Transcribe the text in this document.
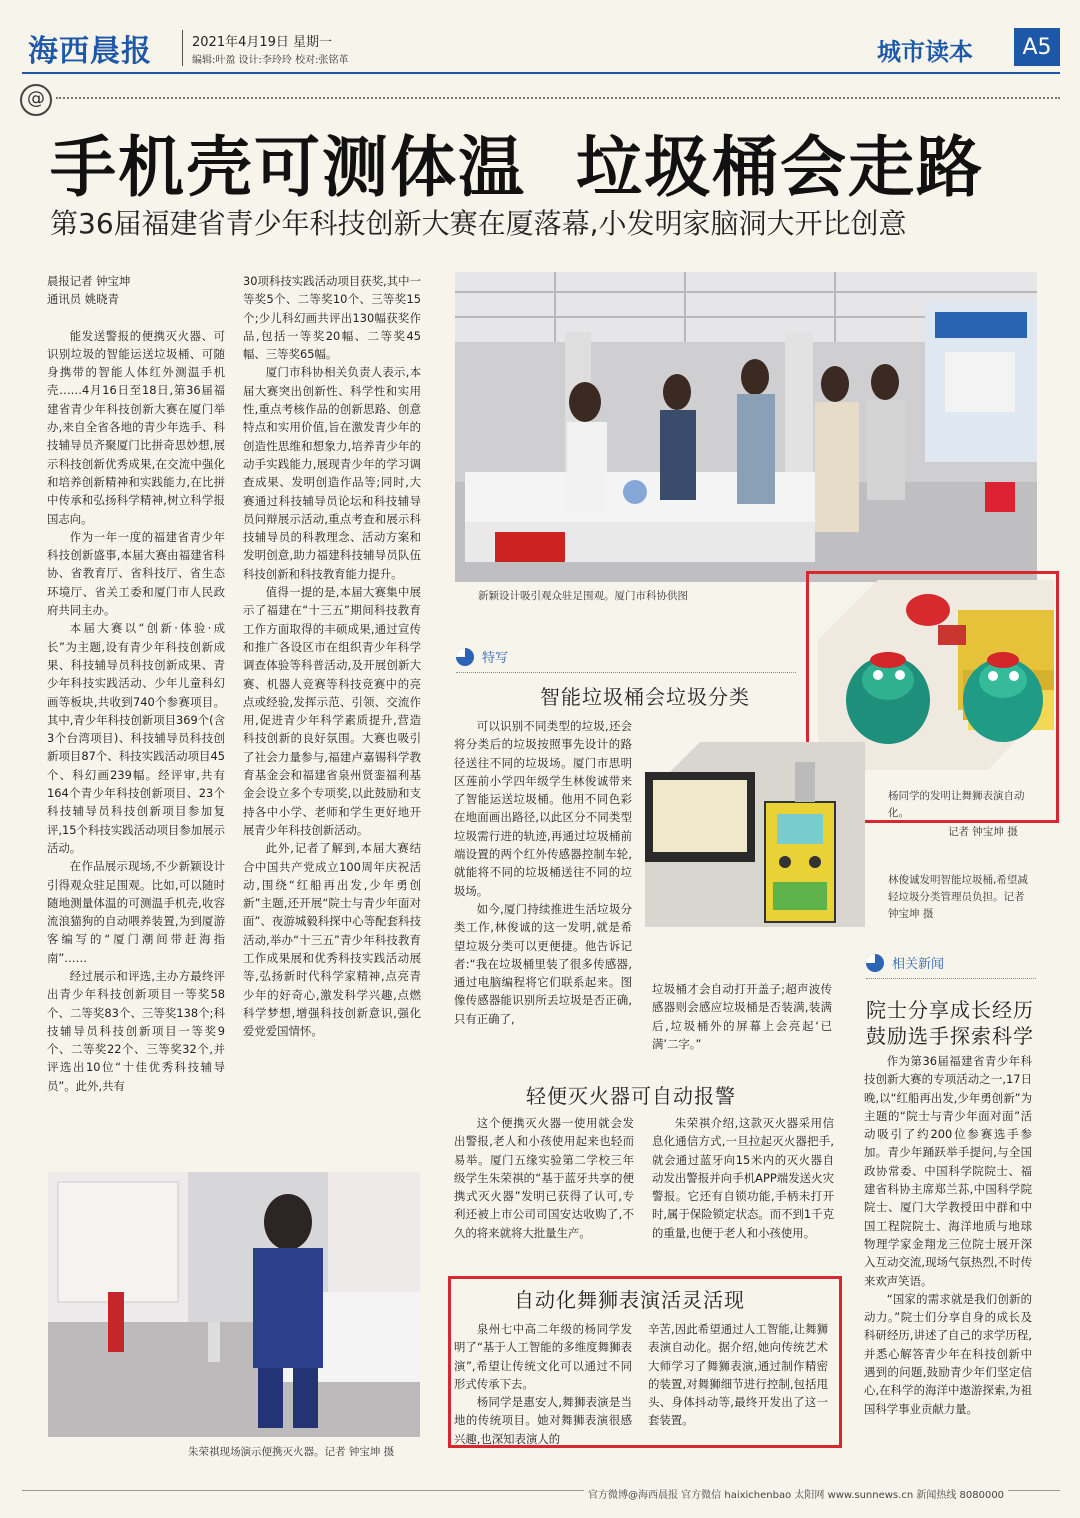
海西晨报	2021年4月19日 星期一
编辑:叶盈 设计:李玲玲 校对:张铭革	城市读本	A5
@
手机壳可测体温  垃圾桶会走路
第36届福建省青少年科技创新大赛在厦落幕,小发明家脑洞大开比创意

晨报记者 钟宝坤

通讯员 姚晓青

能发送警报的便携灭火器、可识别垃圾的智能运送垃圾桶、可随身携带的智能人体红外测温手机壳……4月16日至18日,第36届福建省青少年科技创新大赛在厦门举办,来自全省各地的青少年选手、科技辅导员齐聚厦门比拼奇思妙想,展示科技创新优秀成果,在交流中强化和培养创新精神和实践能力,在比拼中传承和弘扬科学精神,树立科学报国志向。

作为一年一度的福建省青少年科技创新盛事,本届大赛由福建省科协、省教育厅、省科技厅、省生态环境厅、省关工委和厦门市人民政府共同主办。

本届大赛以“创新·体验·成长”为主题,设有青少年科技创新成果、科技辅导员科技创新成果、青少年科技实践活动、少年儿童科幻画等板块,共收到740个参赛项目。其中,青少年科技创新项目369个(含3个台湾项目)、科技辅导员科技创新项目87个、科技实践活动项目45个、科幻画239幅。经评审,共有164个青少年科技创新项目、23个科技辅导员科技创新项目参加复评,15个科技实践活动项目参加展示活动。

在作品展示现场,不少新颖设计引得观众驻足围观。比如,可以随时随地测量体温的可测温手机壳,收容流浪猫狗的自动喂养装置,为到厦游客编写的“厦门潮间带赶海指南”……

经过展示和评选,主办方最终评出青少年科技创新项目一等奖58个、二等奖83个、三等奖138个;科技辅导员科技创新项目一等奖9个、二等奖22个、三等奖32个,并评选出10位“十佳优秀科技辅导员”。此外,共有

30项科技实践活动项目获奖,其中一等奖5个、二等奖10个、三等奖15个;少儿科幻画共评出130幅获奖作品,包括一等奖20幅、二等奖45幅、三等奖65幅。

厦门市科协相关负责人表示,本届大赛突出创新性、科学性和实用性,重点考核作品的创新思路、创意特点和实用价值,旨在激发青少年的创造性思维和想象力,培养青少年的动手实践能力,展现青少年的学习调查成果、发明创造作品等;同时,大赛通过科技辅导员论坛和科技辅导员问辩展示活动,重点考查和展示科技辅导员的科教理念、活动方案和发明创意,助力福建科技辅导员队伍科技创新和科技教育能力提升。

值得一提的是,本届大赛集中展示了福建在“十三五”期间科技教育工作方面取得的丰硕成果,通过宣传和推广各设区市在组织青少年科学调查体验等科普活动,及开展创新大赛、机器人竞赛等科技竞赛中的亮点或经验,发挥示范、引领、交流作用,促进青少年科学素质提升,营造科技创新的良好氛围。大赛也吸引了社会力量参与,福建卢嘉锡科学教育基金会和福建省泉州贤銮福利基金会设立多个专项奖,以此鼓励和支持各中小学、老师和学生更好地开展青少年科技创新活动。

此外,记者了解到,本届大赛结合中国共产党成立100周年庆祝活动,围绕“红船再出发,少年勇创新”主题,还开展“院士与青少年面对面”、夜游城毅科探中心等配套科技活动,举办“十三五”青少年科技教育工作成果展和优秀科技实践活动展等,弘扬新时代科学家精神,点亮青少年的好奇心,激发科学兴趣,点燃科学梦想,增强科技创新意识,强化爱党爱国情怀。

新颖设计吸引观众驻足围观。厦门市科协供图
杨同学的发明让舞狮表演自动化。
记者 钟宝坤 摄
特写
智能垃圾桶会垃圾分类

可以识别不同类型的垃圾,还会将分类后的垃圾按照事先设计的路径送往不同的垃圾场。厦门市思明区莲前小学四年级学生林俊诚带来了智能运送垃圾桶。他用不同色彩在地面画出路径,以此区分不同类型垃圾需行进的轨迹,再通过垃圾桶前端设置的两个红外传感器控制车轮,就能将不同的垃圾桶送往不同的垃圾场。

如今,厦门持续推进生活垃圾分类工作,林俊诚的这一发明,就是希望垃圾分类可以更便捷。他告诉记者:“我在垃圾桶里装了很多传感器,通过电脑编程将它们联系起来。图像传感器能识别所丢垃圾是否正确,只有正确了,

林俊诚发明智能垃圾桶,希望减轻垃圾分类管理员负担。记者 钟宝坤 摄

垃圾桶才会自动打开盖子;超声波传感器则会感应垃圾桶是否装满,装满后,垃圾桶外的屏幕上会亮起‘已满’二字。”

相关新闻
院士分享成长经历
鼓励选手探索科学

作为第36届福建省青少年科技创新大赛的专项活动之一,17日晚,以“红船再出发,少年勇创新”为主题的“院士与青少年面对面”活动吸引了约200位参赛选手参加。青少年踊跃举手提问,与全国政协常委、中国科学院院士、福建省科协主席郑兰荪,中国科学院院士、厦门大学教授田中群和中国工程院院士、海洋地质与地球物理学家金翔龙三位院士展开深入互动交流,现场气氛热烈,不时传来欢声笑语。

“国家的需求就是我们创新的动力。”院士们分享自身的成长及科研经历,讲述了自己的求学历程,并悉心解答青少年在科技创新中遇到的问题,鼓励青少年们坚定信心,在科学的海洋中遨游探索,为祖国科学事业贡献力量。

轻便灭火器可自动报警

这个便携灭火器一使用就会发出警报,老人和小孩使用起来也轻而易举。厦门五缘实验第二学校三年级学生朱荣祺的“基于蓝牙共享的便携式灭火器”发明已获得了认可,专利还被上市公司司国安达收购了,不久的将来就将大批量生产。

朱荣祺介绍,这款灭火器采用信息化通信方式,一旦拉起灭火器把手,就会通过蓝牙向15米内的灭火器自动发出警报并向手机APP端发送火灾警报。它还有自锁功能,手柄未打开时,属于保险锁定状态。而不到1千克的重量,也便于老人和小孩使用。

朱荣祺现场演示便携灭火器。记者 钟宝坤 摄
自动化舞狮表演活灵活现

泉州七中高二年级的杨同学发明了“基于人工智能的多维度舞狮表演”,希望让传统文化可以通过不同形式传承下去。

杨同学是惠安人,舞狮表演是当地的传统项目。她对舞狮表演很感兴趣,也深知表演人的

辛苦,因此希望通过人工智能,让舞狮表演自动化。据介绍,她向传统艺术大师学习了舞狮表演,通过制作精密的装置,对舞狮细节进行控制,包括甩头、身体抖动等,最终开发出了这一套装置。

官方微博@海西晨报 官方微信 haixichenbao 太阳网 www.sunnews.cn 新闻热线 8080000
